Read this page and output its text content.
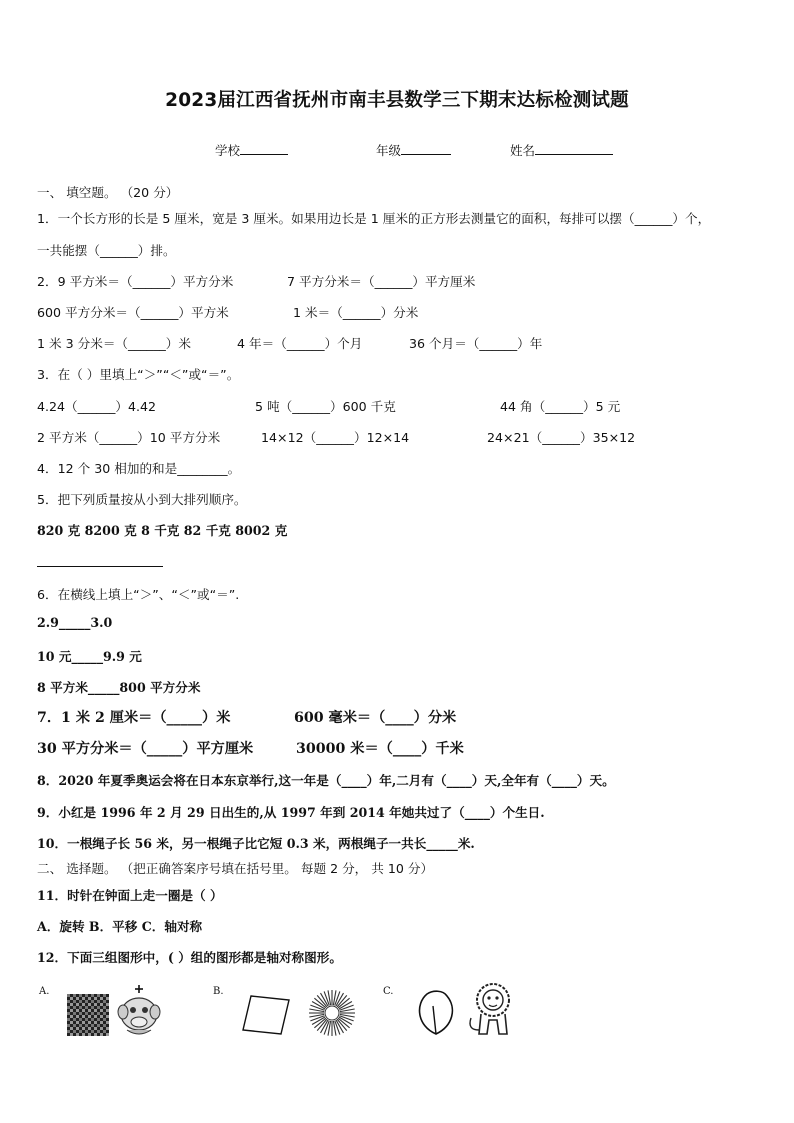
2023届江西省抚州市南丰县数学三下期末达标检测试题
学校	年级	姓名
一、 填空题。 （20 分）
1．一个长方形的长是 5 厘米，宽是 3 厘米。如果用边长是 1 厘米的正方形去测量它的面积，每排可以摆（______）个，
一共能摆（______）排。
2．9 平方米＝（______）平方分米	7 平方分米＝（______）平方厘米
600 平方分米＝（______）平方米	1 米＝（______）分米
1 米 3 分米＝（______）米	4 年＝（______）个月	36 个月＝（______）年
3．在（ ）里填上“＞”“＜”或“＝”。
4.24（______）4.42	5 吨（______）600 千克	44 角（______）5 元
2 平方米（______）10 平方分米	14×12（______）12×14	24×21（______）35×12
4．12 个 30 相加的和是________。
5．把下列质量按从小到大排列顺序。
820 克 8200 克 8 千克 82 千克 8002 克
6．在横线上填上“＞”、“＜”或“＝”.
2.9_____3.0
10 元_____9.9 元
8 平方米_____800 平方分米
7．1 米 2 厘米＝（_____）米	600 毫米＝（____）分米
30 平方分米＝（_____）平方厘米	30000 米＝（____）千米
8．2020 年夏季奥运会将在日本东京举行,这一年是（____）年,二月有（____）天,全年有（____）天。
9．小红是 1996 年 2 月 29 日出生的,从 1997 年到 2014 年她共过了（____）个生日.
10．一根绳子长 56 米，另一根绳子比它短 0.3 米，两根绳子一共长_____米.
二、 选择题。 （把正确答案序号填在括号里。 每题 2 分， 共 10 分）
11．时针在钟面上走一圈是（ ）
A．旋转 B．平移 C．轴对称
12．下面三组图形中，( ）组的图形都是轴对称图形。
A.	B.	C.
